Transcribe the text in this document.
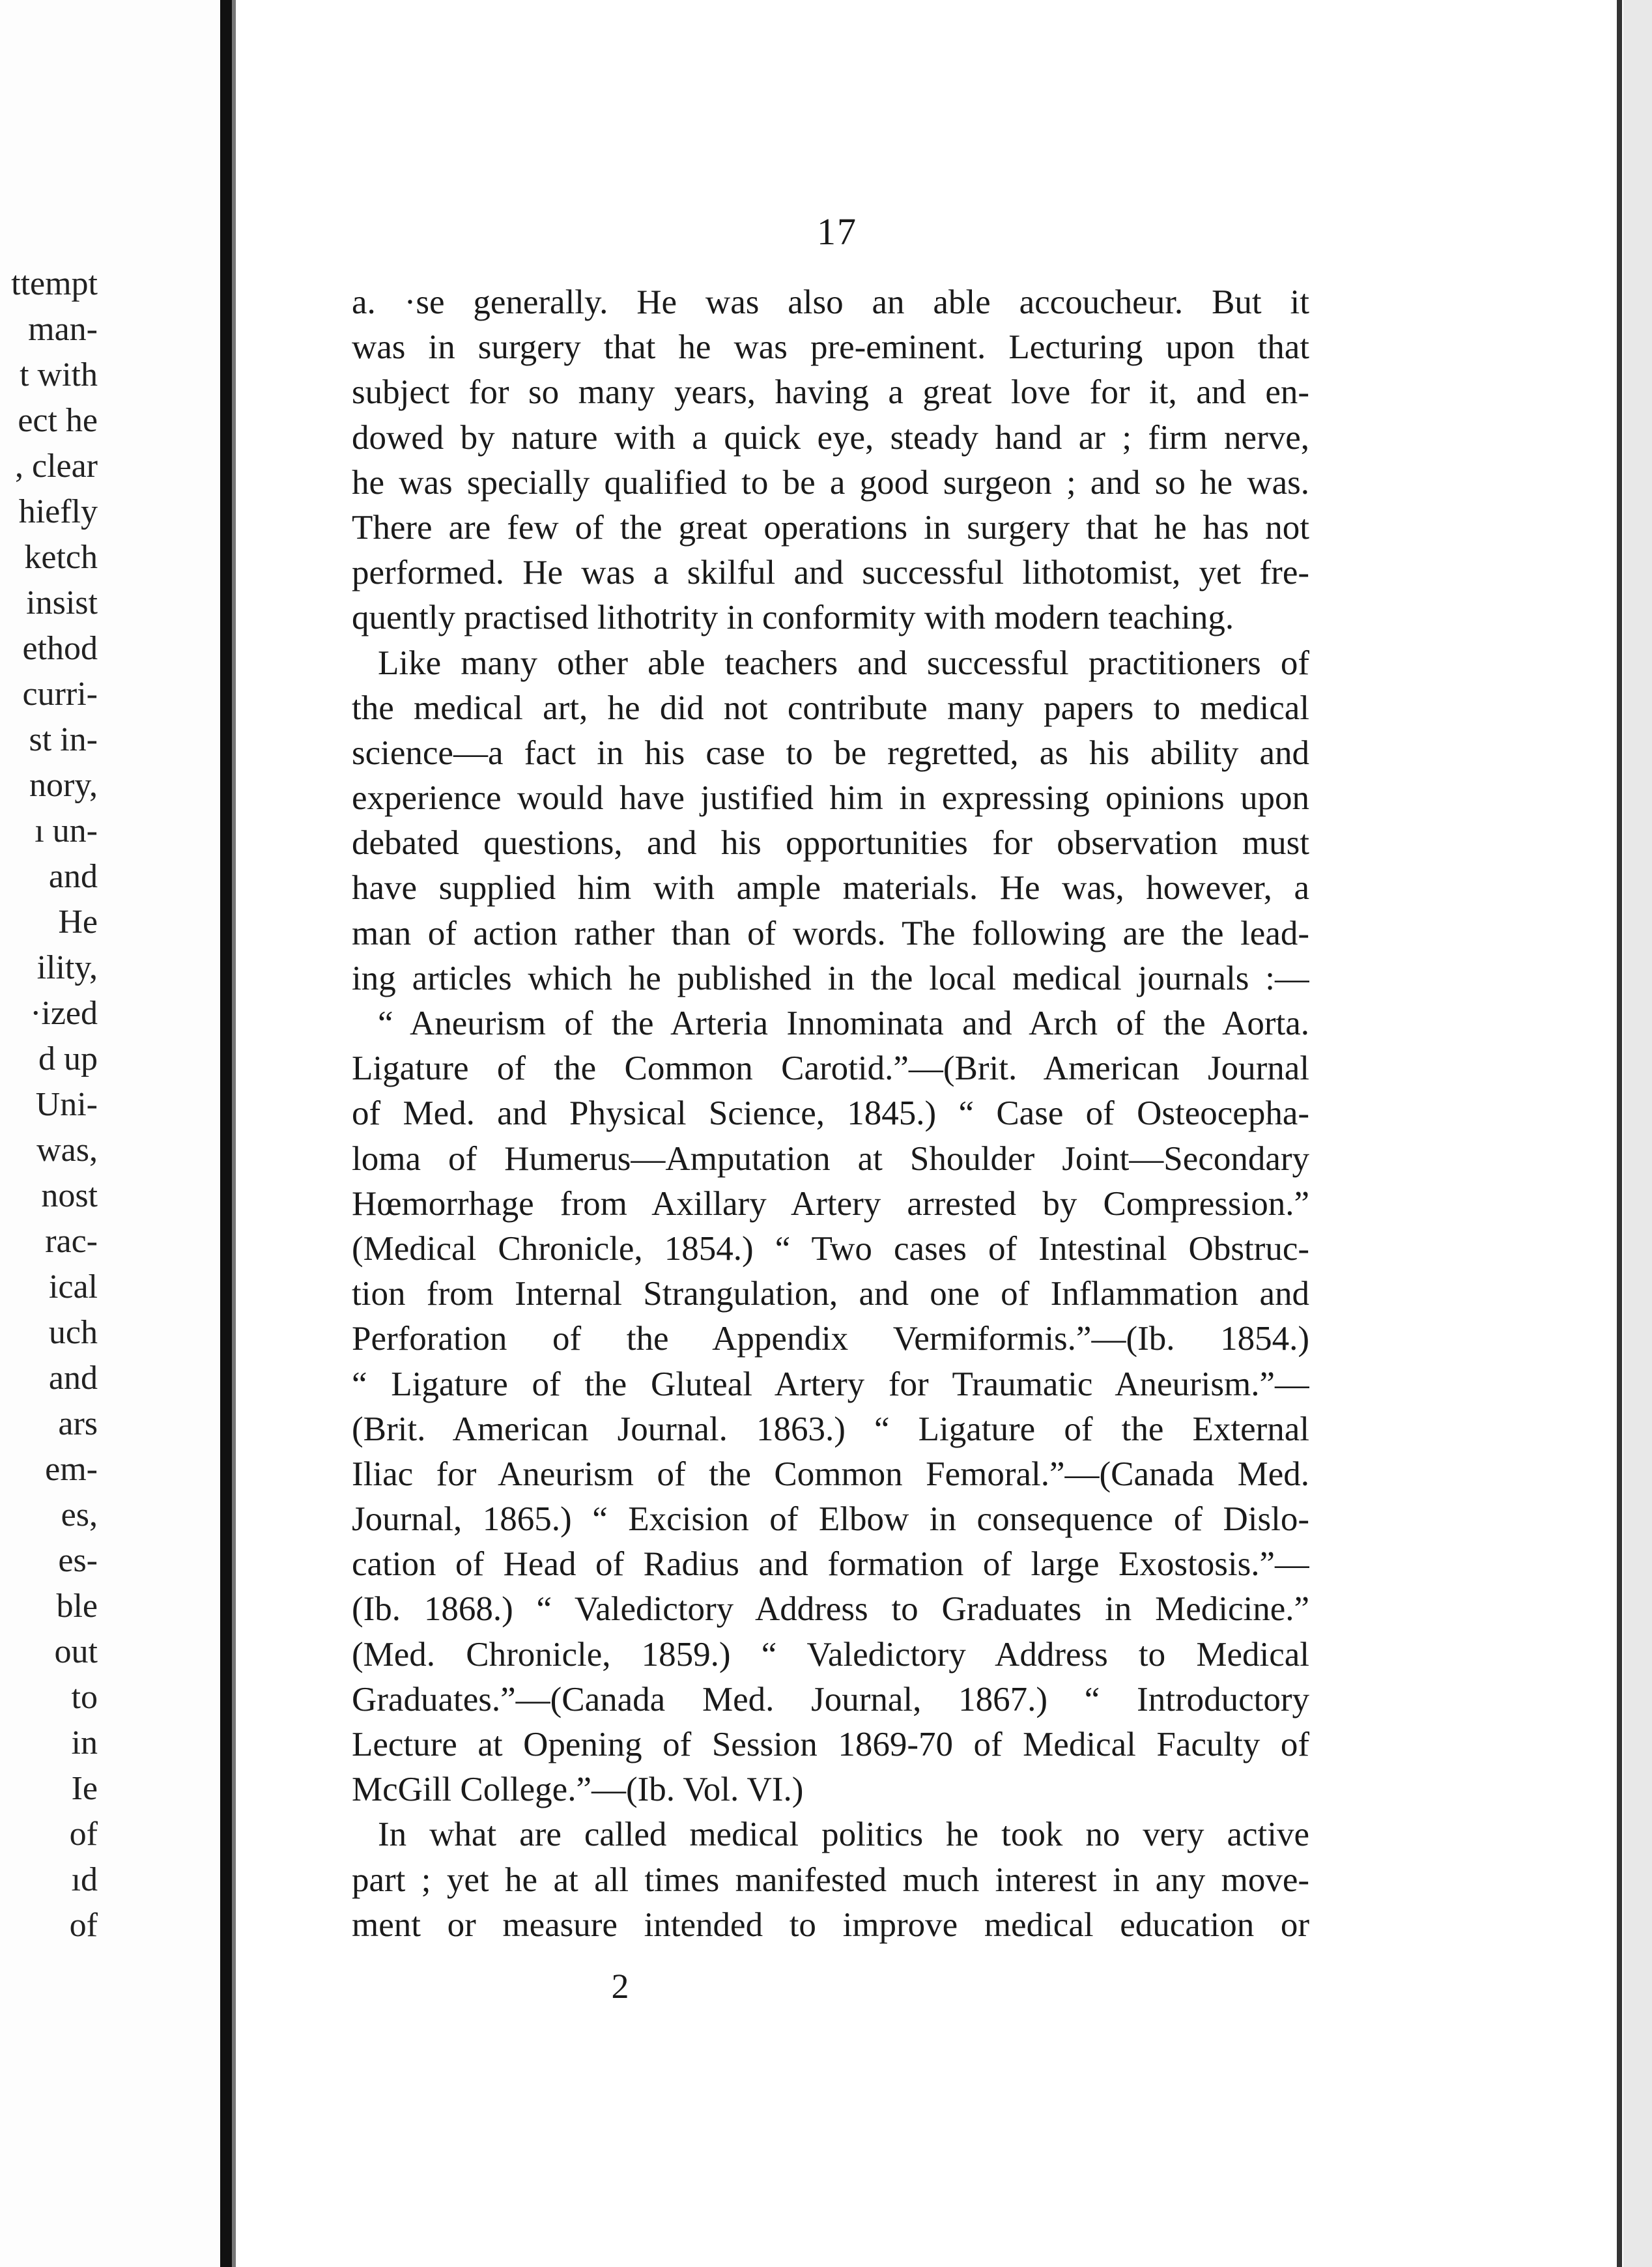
ttempt
man-
t with
ect he
, clear
hiefly
ketch
insist
ethod
curri-
st in-
nory,
ı un-
and
He
ility,
·ized
d up
Uni-
was,
nost
rac-
ical
uch
and
ars
em-
es,
es-
ble
out
to
in
Ie
of
ıd
of
17
a. ·se generally. He was also an able accoucheur. But it
was in surgery that he was pre-eminent. Lecturing upon that
subject for so many years, having a great love for it, and en-
dowed by nature with a quick eye, steady hand ar ; firm nerve,
he was specially qualified to be a good surgeon ; and so he was.
There are few of the great operations in surgery that he has not
performed. He was a skilful and successful lithotomist, yet fre-
quently practised lithotrity in conformity with modern teaching.
Like many other able teachers and successful practitioners of
the medical art, he did not contribute many papers to medical
science—a fact in his case to be regretted, as his ability and
experience would have justified him in expressing opinions upon
debated questions, and his opportunities for observation must
have supplied him with ample materials. He was, however, a
man of action rather than of words. The following are the lead-
ing articles which he published in the local medical journals :—
“ Aneurism of the Arteria Innominata and Arch of the Aorta.
Ligature of the Common Carotid.”—(Brit. American Journal
of Med. and Physical Science, 1845.) “ Case of Osteocepha-
loma of Humerus—Amputation at Shoulder Joint—Secondary
Hœmorrhage from Axillary Artery arrested by Compression.”
(Medical Chronicle, 1854.) “ Two cases of Intestinal Obstruc-
tion from Internal Strangulation, and one of Inflammation and
Perforation of the Appendix Vermiformis.”—(Ib. 1854.)
“ Ligature of the Gluteal Artery for Traumatic Aneurism.”—
(Brit. American Journal. 1863.) “ Ligature of the External
Iliac for Aneurism of the Common Femoral.”—(Canada Med.
Journal, 1865.) “ Excision of Elbow in consequence of Dislo-
cation of Head of Radius and formation of large Exostosis.”—
(Ib. 1868.) “ Valedictory Address to Graduates in Medicine.”
(Med. Chronicle, 1859.) “ Valedictory Address to Medical
Graduates.”—(Canada Med. Journal, 1867.) “ Introductory
Lecture at Opening of Session 1869-70 of Medical Faculty of
McGill College.”—(Ib. Vol. VI.)
In what are called medical politics he took no very active
part ; yet he at all times manifested much interest in any move-
ment or measure intended to improve medical education or
2
